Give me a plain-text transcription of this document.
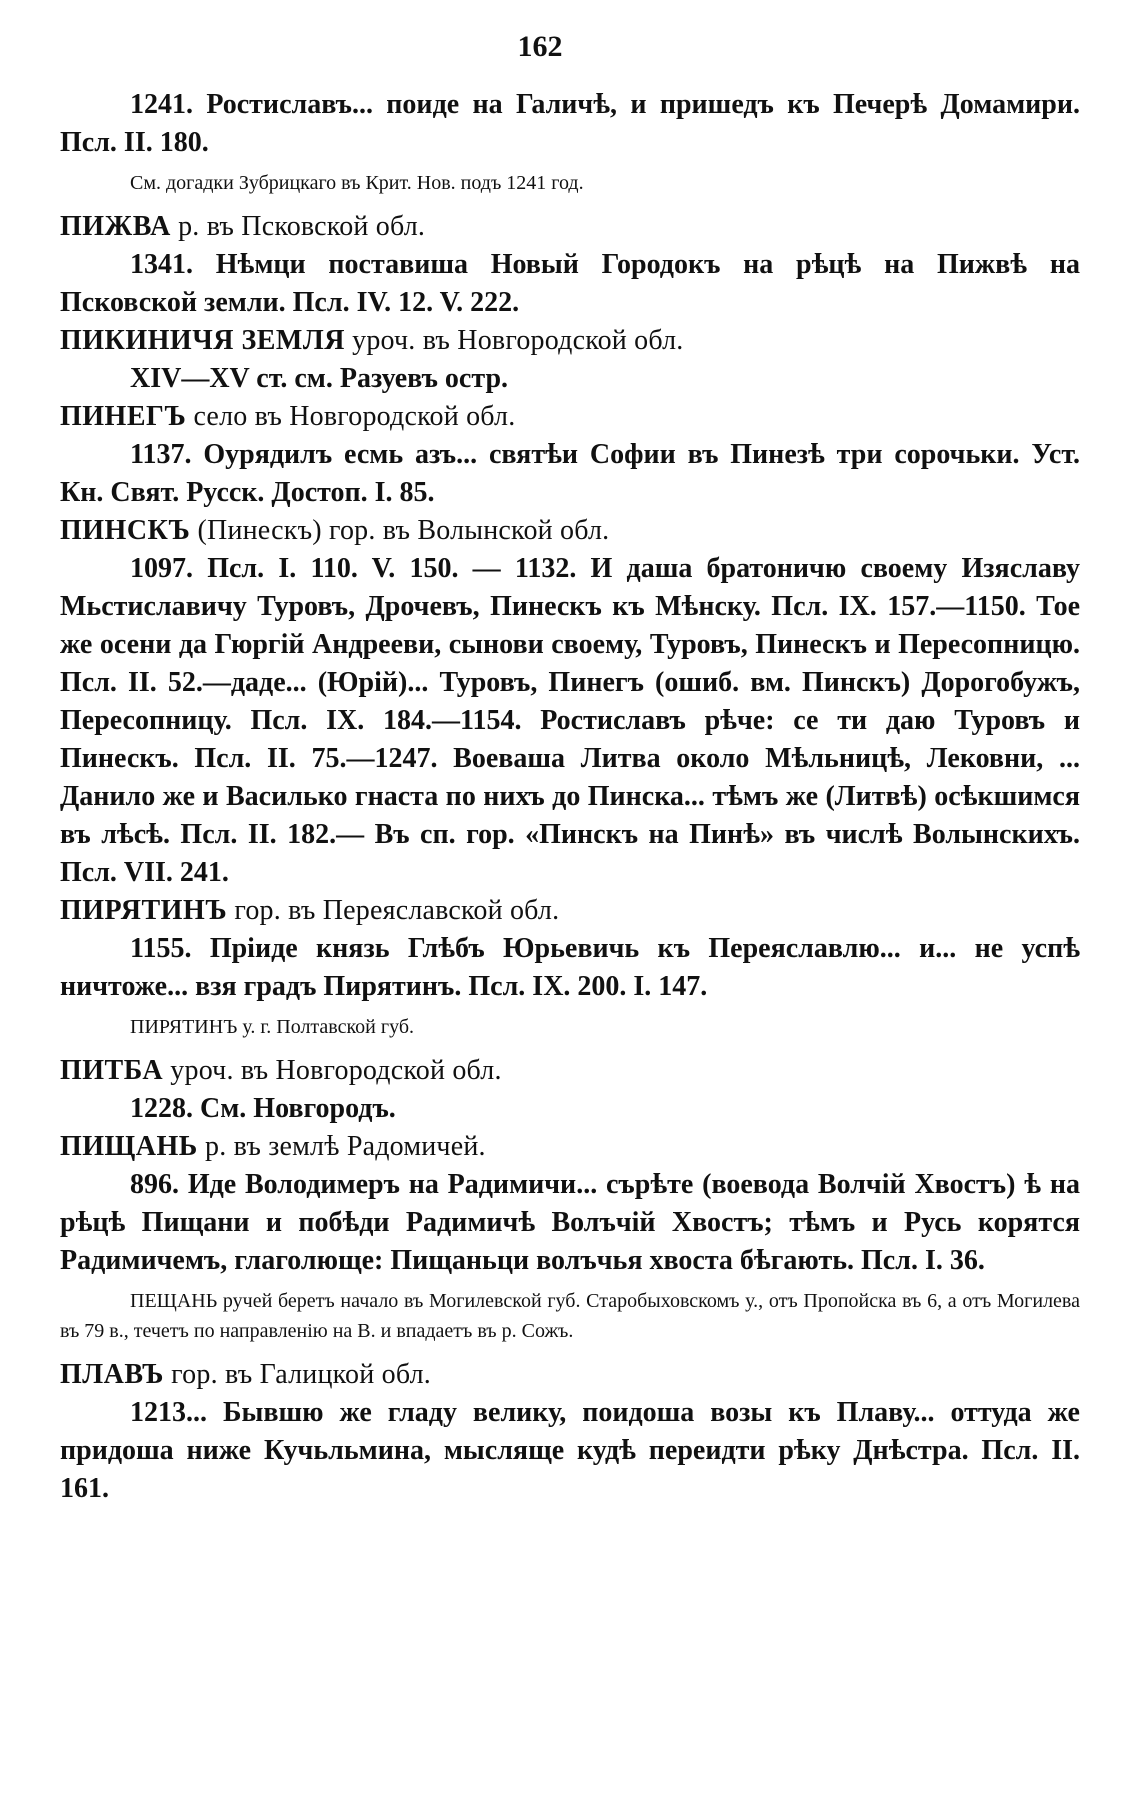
162

1241. Ростиславъ... поиде на Галичѣ, и пришедъ къ Печерѣ Домамири. Псл. II. 180.

См. догадки Зубрицкаго въ Крит. Нов. подъ 1241 год.

ПИЖВА р. въ Псковской обл.

1341. Нѣмци поставиша Новый Городокъ на рѣцѣ на Пижвѣ на Псковской земли. Псл. IV. 12. V. 222.

ПИКИНИЧЯ ЗЕМЛЯ уроч. въ Новгородской обл.

XIV—XV ст. см. Разуевъ остр.

ПИНЕГЪ село въ Новгородской обл.

1137. Оурядилъ есмь азъ... святѣи Софии въ Пинезѣ три сорочьки. Уст. Кн. Свят. Русск. Достоп. I. 85.

ПИНСКЪ (Пинескъ) гор. въ Волынской обл.

1097. Псл. I. 110. V. 150. — 1132. И даша братоничю своему Изяславу Мьстиславичу Туровъ, Дрочевъ, Пинескъ къ Мѣнску. Псл. IX. 157.—1150. Тое же осени да Гюргій Андрееви, сынови своему, Туровъ, Пинескъ и Пересопницю. Псл. II. 52.—даде... (Юрій)... Туровъ, Пинегъ (ошиб. вм. Пинскъ) Дорогобужъ, Пересопницу. Псл. IX. 184.—1154. Ростиславъ рѣче: се ти даю Туровъ и Пинескъ. Псл. II. 75.—1247. Воеваша Литва около Мѣльницѣ, Лековни, ... Данило же и Василько гнаста по нихъ до Пинска... тѣмъ же (Литвѣ) осѣкшимся въ лѣсѣ. Псл. II. 182.— Въ сп. гор. «Пинскъ на Пинѣ» въ числѣ Волынскихъ. Псл. VII. 241.

ПИРЯТИНЪ гор. въ Переяславской обл.

1155. Пріиде князь Глѣбъ Юрьевичь къ Переяславлю... и... не успѣ ничтоже... взя градъ Пирятинъ. Псл. IX. 200. I. 147.

ПИРЯТИНЪ у. г. Полтавской губ.

ПИТБА уроч. въ Новгородской обл.

1228. См. Новгородъ.

ПИЩАНЬ р. въ землѣ Радомичей.

896. Иде Володимеръ на Радимичи... сърѣте (воевода Волчій Хвостъ) ѣ на рѣцѣ Пищани и побѣди Радимичѣ Волъчій Хвостъ; тѣмъ и Русь корятся Радимичемъ, глаголюще: Пищаньци волъчья хвоста бѣгають. Псл. I. 36.

ПЕЩАНЬ ручей беретъ начало въ Могилевской губ. Старобыховскомъ у., отъ Пропойска въ 6, а отъ Могилева въ 79 в., течетъ по направленію на В. и впадаетъ въ р. Сожъ.

ПЛАВЪ гор. въ Галицкой обл.

1213... Бывшю же гладу велику, поидоша возы къ Плаву... оттуда же придоша ниже Кучьльмина, мысляще кудѣ переидти рѣку Днѣстра. Псл. II. 161.
